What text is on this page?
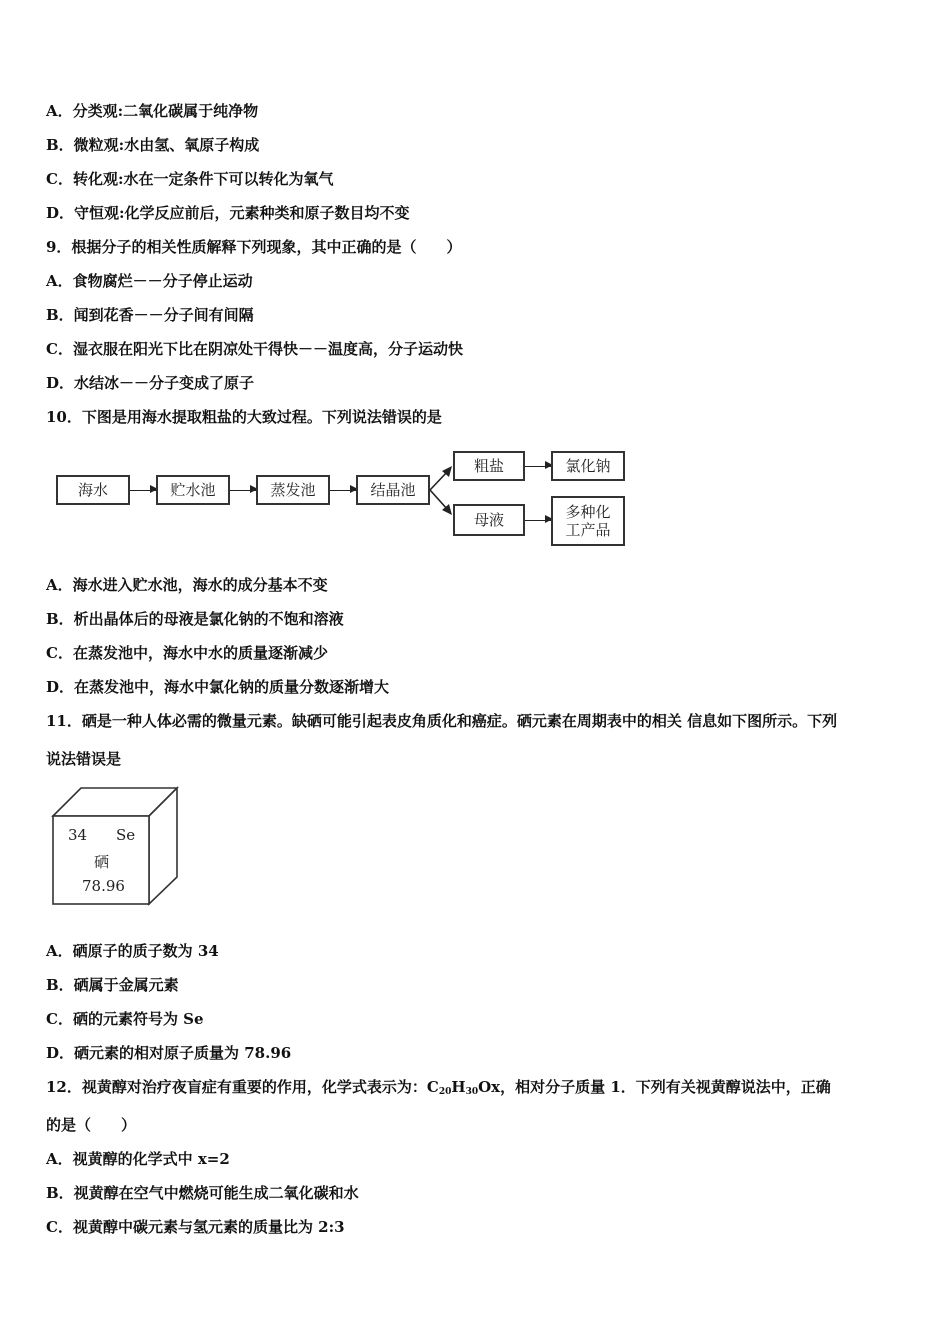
A．分类观:二氧化碳属于纯净物
B．微粒观:水由氢、氧原子构成
C．转化观:水在一定条件下可以转化为氧气
D．守恒观:化学反应前后，元素种类和原子数目均不变
9．根据分子的相关性质解释下列现象，其中正确的是（　　）
A．食物腐烂－－分子停止运动
B．闻到花香－－分子间有间隔
C．湿衣服在阳光下比在阴凉处干得快－－温度高，分子运动快
D．水结冰－－分子变成了原子
10．下图是用海水提取粗盐的大致过程。下列说法错误的是
海水	贮水池	蒸发池	结晶池
粗盐	氯化钠
母液	多种化
工产品
A．海水进入贮水池，海水的成分基本不变
B．析出晶体后的母液是氯化钠的不饱和溶液
C．在蒸发池中，海水中水的质量逐渐减少
D．在蒸发池中，海水中氯化钠的质量分数逐渐增大
11．硒是一种人体必需的微量元素。缺硒可能引起表皮角质化和癌症。硒元素在周期表中的相关 信息如下图所示。下列
说法错误是
34 Se
硒
78.96
A．硒原子的质子数为 34
B．硒属于金属元素
C．硒的元素符号为 Se
D．硒元素的相对原子质量为 78.96
12．视黄醇对治疗夜盲症有重要的作用，化学式表示为：$C_{20}H_{30}Ox$，相对分子质量 1．下列有关视黄醇说法中，正确
的是（　　）
A．视黄醇的化学式中 x=2
B．视黄醇在空气中燃烧可能生成二氧化碳和水
C．视黄醇中碳元素与氢元素的质量比为 2:3
